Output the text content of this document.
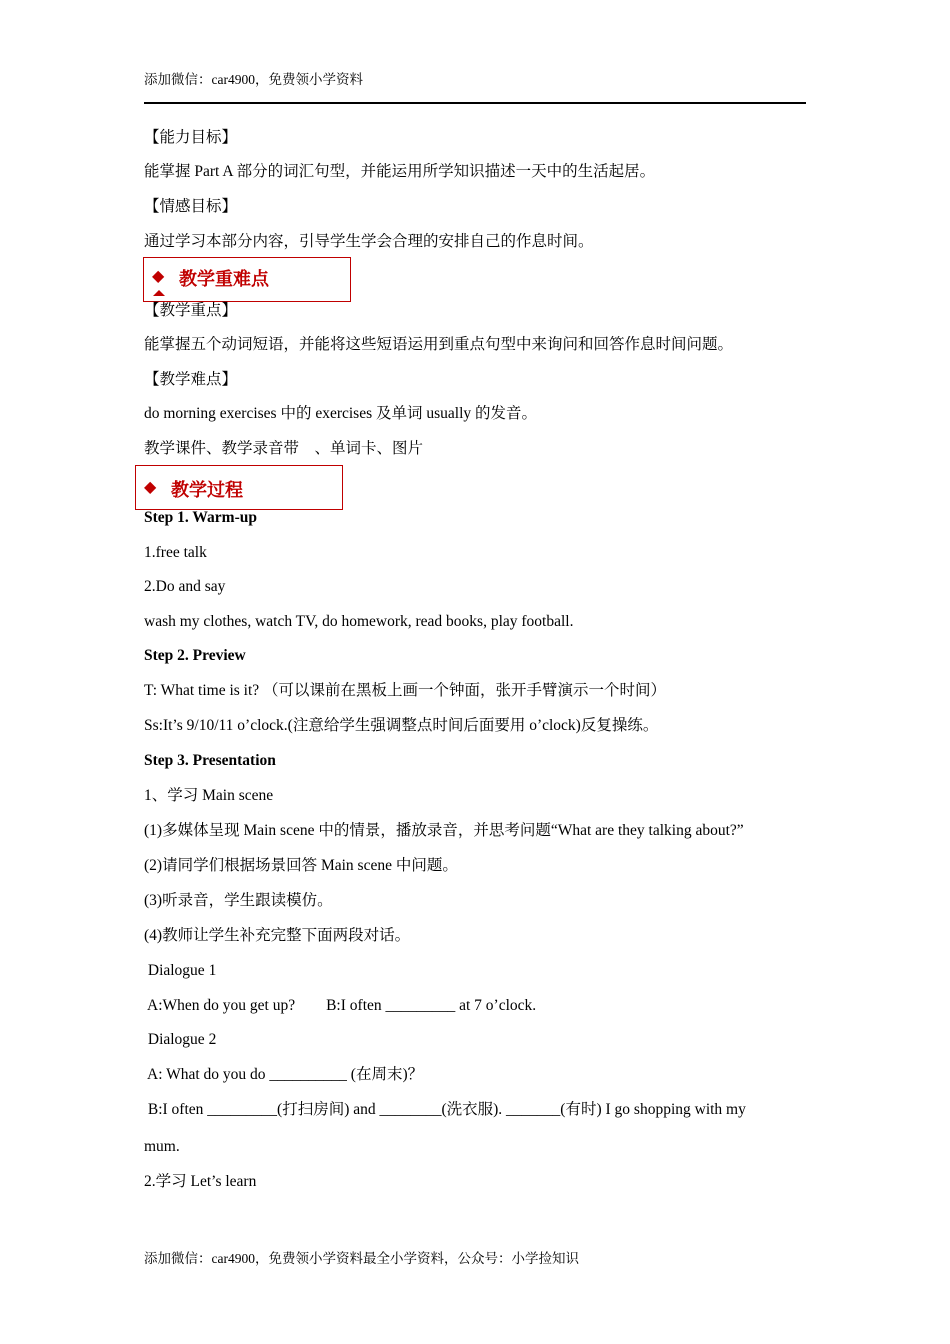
添加微信：car4900，免费领小学资料
【能力目标】
能掌握 Part A 部分的词汇句型，并能运用所学知识描述一天中的生活起居。
【情感目标】
通过学习本部分内容，引导学生学会合理的安排自己的作息时间。
◆ 教学重难点
【教学重点】
能掌握五个动词短语，并能将这些短语运用到重点句型中来询问和回答作息时间问题。
【教学难点】
do morning exercises 中的 exercises 及单词 usually 的发音。
教学课件、教学录音带　、单词卡、图片
◆ 教学过程
Step 1. Warm-up
1.free talk
2.Do and say
wash my clothes, watch TV, do homework, read books, play football.
Step 2. Preview
T: What time is it? （可以课前在黑板上画一个钟面，张开手臂演示一个时间）
Ss:It’s 9/10/11 o’clock.(注意给学生强调整点时间后面要用 o’clock)反复操练。
Step 3. Presentation
1、学习 Main scene
(1)多媒体呈现 Main scene 中的情景，播放录音，并思考问题“What are they talking about?”
(2)请同学们根据场景回答 Main scene 中问题。
(3)听录音，学生跟读模仿。
(4)教师让学生补充完整下面两段对话。
Dialogue 1
A:When do you get up?　　B:I often _________ at 7 o’clock.
Dialogue 2
A: What do you do __________ (在周末)？
B:I often _________(打扫房间) and ________(洗衣服). _______(有时) I go shopping with my
mum.
2.学习 Let’s learn
添加微信：car4900，免费领小学资料最全小学资料，公众号：小学捡知识
